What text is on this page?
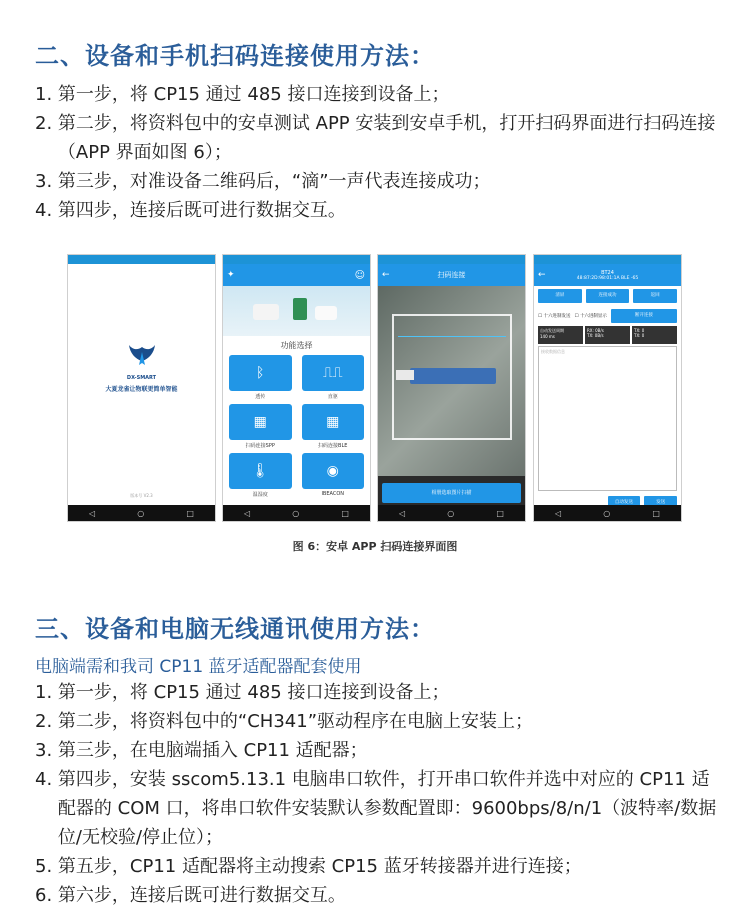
二、设备和手机扫码连接使用方法：
1. 第一步，将 CP15 通过 485 接口连接到设备上；
2. 第二步，将资料包中的安卓测试 APP 安装到安卓手机，打开扫码界面进行扫码连接（APP 界面如图 6）；
3. 第三步，对准设备二维码后，“滴”一声代表连接成功；
4. 第四步，连接后既可进行数据交互。
DX-SMART
大夏龙雀让物联更简单智能
版本号 V2.3
◁	○	□
✦	☺
功能选择
ᛒ
透传
⎍⎍
直驱
▦
扫码连接SPP
▦
扫码连接BLE
🌡
温湿度
◉
IBEACON
◁	○	□
←	扫码连接
相册选取图片扫描
◁	○	□
←	BT24
48:87:2D:98:01:1A BLE -65
清屏	连接成功	返回
☐ 十六进制发送 ☐ 十六进制显示	断开连接
自动发送周期
140 ms
RX: 0B/s
TX: 0B/s
TX: 0
TX: 0
接收数据信息
自动发送	发送
◁	○	□
图 6：安卓 APP 扫码连接界面图
三、设备和电脑无线通讯使用方法：
电脑端需和我司 CP11 蓝牙适配器配套使用
1. 第一步，将 CP15 通过 485 接口连接到设备上；
2. 第二步，将资料包中的“CH341”驱动程序在电脑上安装上；
3. 第三步，在电脑端插入 CP11 适配器；
4. 第四步，安装 sscom5.13.1 电脑串口软件，打开串口软件并选中对应的 CP11 适配器的 COM 口，将串口软件安装默认参数配置即：9600bps/8/n/1（波特率/数据位/无校验/停止位）；
5. 第五步，CP11 适配器将主动搜索 CP15 蓝牙转接器并进行连接；
6. 第六步，连接后既可进行数据交互。
